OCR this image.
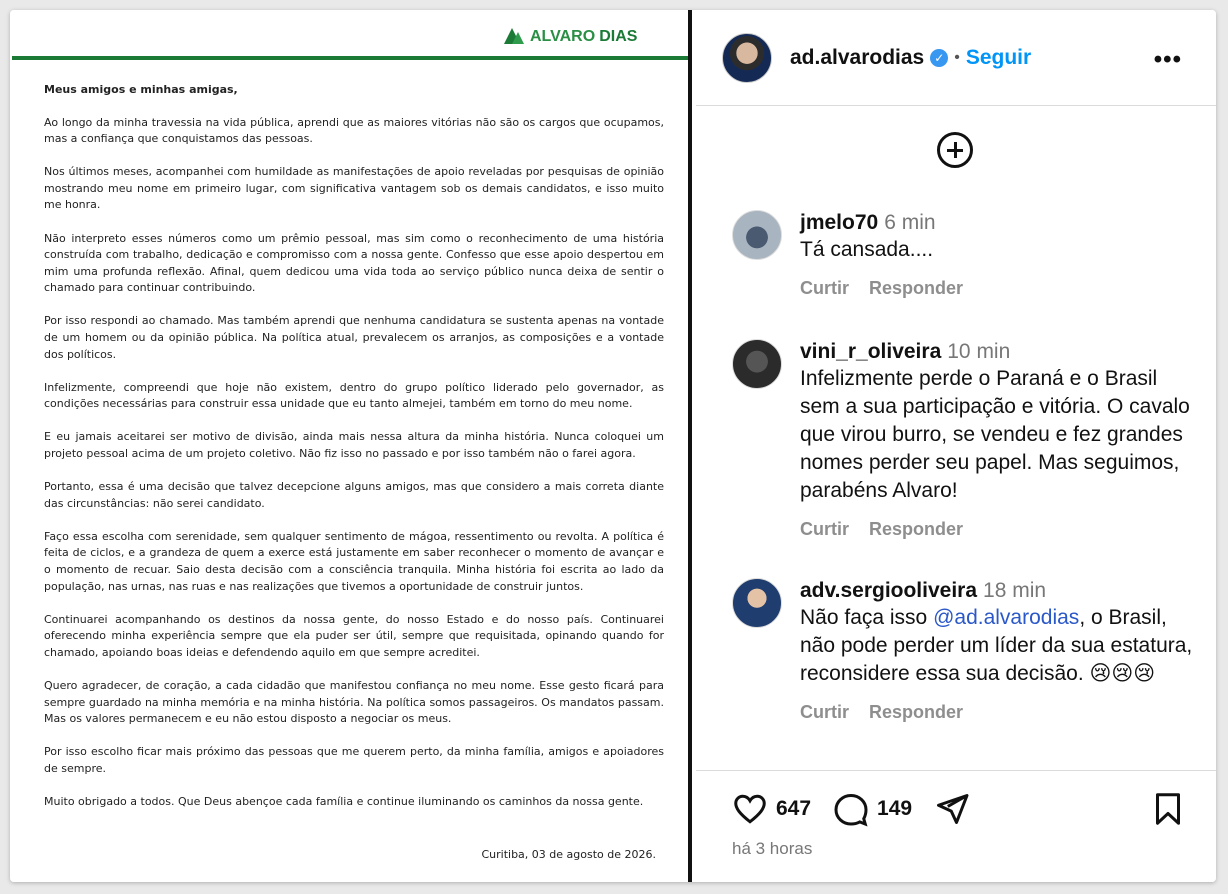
ALVARO DIAS
Meus amigos e minhas amigas,

Ao longo da minha travessia na vida pública, aprendi que as maiores vitórias não são os cargos que ocupamos, mas a confiança que conquistamos das pessoas.

Nos últimos meses, acompanhei com humildade as manifestações de apoio reveladas por pesquisas de opinião mostrando meu nome em primeiro lugar, com significativa vantagem sob os demais candidatos, e isso muito me honra.

Não interpreto esses números como um prêmio pessoal, mas sim como o reconhecimento de uma história construída com trabalho, dedicação e compromisso com a nossa gente. Confesso que esse apoio despertou em mim uma profunda reflexão. Afinal, quem dedicou uma vida toda ao serviço público nunca deixa de sentir o chamado para continuar contribuindo.

Por isso respondi ao chamado. Mas também aprendi que nenhuma candidatura se sustenta apenas na vontade de um homem ou da opinião pública. Na política atual, prevalecem os arranjos, as composições e a vontade dos políticos.

Infelizmente, compreendi que hoje não existem, dentro do grupo político liderado pelo governador, as condições necessárias para construir essa unidade que eu tanto almejei, também em torno do meu nome.

E eu jamais aceitarei ser motivo de divisão, ainda mais nessa altura da minha história. Nunca coloquei um projeto pessoal acima de um projeto coletivo. Não fiz isso no passado e por isso também não o farei agora.

Portanto, essa é uma decisão que talvez decepcione alguns amigos, mas que considero a mais correta diante das circunstâncias: não serei candidato.

Faço essa escolha com serenidade, sem qualquer sentimento de mágoa, ressentimento ou revolta. A política é feita de ciclos, e a grandeza de quem a exerce está justamente em saber reconhecer o momento de avançar e o momento de recuar. Saio desta decisão com a consciência tranquila. Minha história foi escrita ao lado da população, nas urnas, nas ruas e nas realizações que tivemos a oportunidade de construir juntos.

Continuarei acompanhando os destinos da nossa gente, do nosso Estado e do nosso país. Continuarei oferecendo minha experiência sempre que ela puder ser útil, sempre que requisitada, opinando quando for chamado, apoiando boas ideias e defendendo aquilo em que sempre acreditei.

Quero agradecer, de coração, a cada cidadão que manifestou confiança no meu nome. Esse gesto ficará para sempre guardado na minha memória e na minha história. Na política somos passageiros. Os mandatos passam. Mas os valores permanecem e eu não estou disposto a negociar os meus.

Por isso escolho ficar mais próximo das pessoas que me querem perto, da minha família, amigos e apoiadores de sempre.

Muito obrigado a todos. Que Deus abençoe cada família e continue iluminando os caminhos da nossa gente.

Curitiba, 03 de agosto de 2026.
ad.alvarodias ✓ • Seguir	•••
jmelo70 6 min
Tá cansada....
Curtir Responder
vini_r_oliveira 10 min
Infelizmente perde o Paraná e o Brasil sem a sua participação e vitória. O cavalo que virou burro, se vendeu e fez grandes nomes perder seu papel. Mas seguimos, parabéns Alvaro!
Curtir Responder
adv.sergiooliveira 18 min
Não faça isso @ad.alvarodias, o Brasil, não pode perder um líder da sua estatura, reconsidere essa sua decisão. 😢😢😢
Curtir Responder
647	149
há 3 horas
